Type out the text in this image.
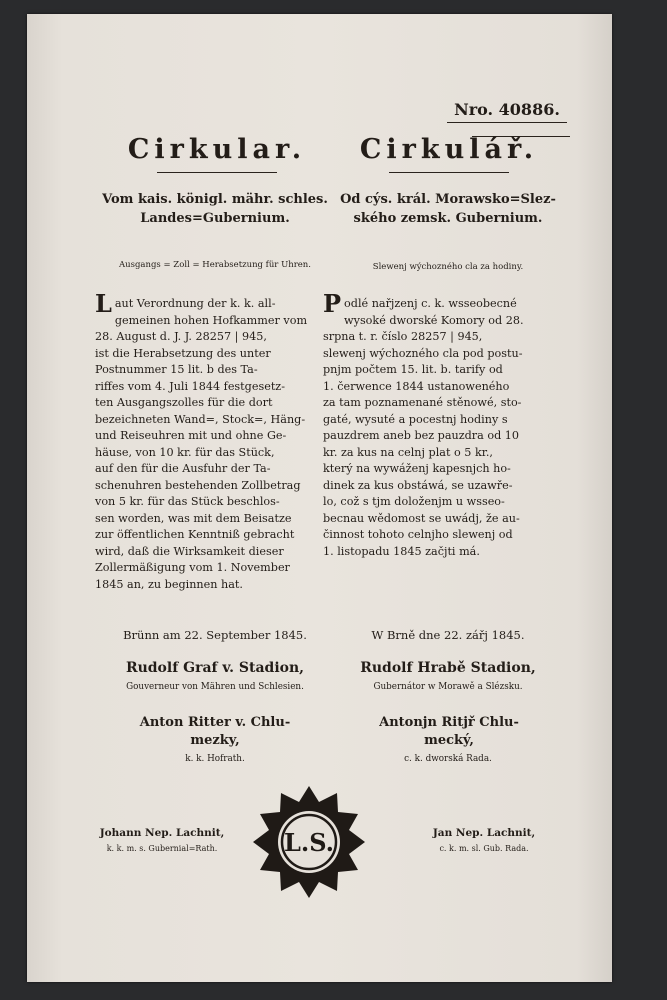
Nro. 40886.
Cirkular.
Vom kais. königl. mähr. schles.
Landes=Gubernium.
Ausgangs = Zoll = Herabsetzung für Uhren.
Cirkulář.
Od cýs. král. Morawsko=Slez-
ského zemsk. Gubernium.
Slewenj wýchozného cla za hodiny.
L aut Verordnung der k. k. all-
gemeinen hohen Hofkammer vom
28. August d. J. J. 28257 | 945,
ist die Herabsetzung des unter
Postnummer 15 lit. b des Ta-
riffes vom 4. Juli 1844 festgesetz-
ten Ausgangszolles für die dort
bezeichneten Wand=, Stock=, Häng-
und Reiseuhren mit und ohne Ge-
häuse, von 10 kr. für das Stück,
auf den für die Ausfuhr der Ta-
schenuhren bestehenden Zollbetrag
von 5 kr. für das Stück beschlos-
sen worden, was mit dem Beisatze
zur öffentlichen Kenntniß gebracht
wird, daß die Wirksamkeit dieser
Zollermäßigung vom 1. November
1845 an, zu beginnen hat.
P odlé nařjzenj c. k. wsseobecné
wysoké dworské Komory od 28.
srpna t. r. číslo 28257 | 945,
slewenj wýchozného cla pod postu-
pnjm počtem 15. lit. b. tarify od
1. čerwence 1844 ustanoweného
za tam poznamenané stěnowé, sto-
gaté, wysuté a pocestnj hodiny s
pauzdrem aneb bez pauzdra od 10
kr. za kus na celnj plat o 5 kr.,
který na wywáženj kapesnjch ho-
dinek za kus obstáwá, se uzawře-
lo, což s tjm doloženjm u wsseo-
becnau wědomost se uwádj, že au-
činnost tohoto celnjho slewenj od
1. listopadu 1845 začjti má.
Brünn am 22. September 1845.	W Brně dne 22. zářj 1845.
Rudolf Graf v. Stadion,
Gouverneur von Mähren und Schlesien.
Rudolf Hrabě Stadion,
Gubernátor w Morawě a Slézsku.
Anton Ritter v. Chlu-
mezky,
k. k. Hofrath.
Antonjn Ritjř Chlu-
mecký,
c. k. dworská Rada.
Johann Nep. Lachnit,
k. k. m. s. Gubernial=Rath.
Jan Nep. Lachnit,
c. k. m. sl. Gub. Rada.
L.S.
